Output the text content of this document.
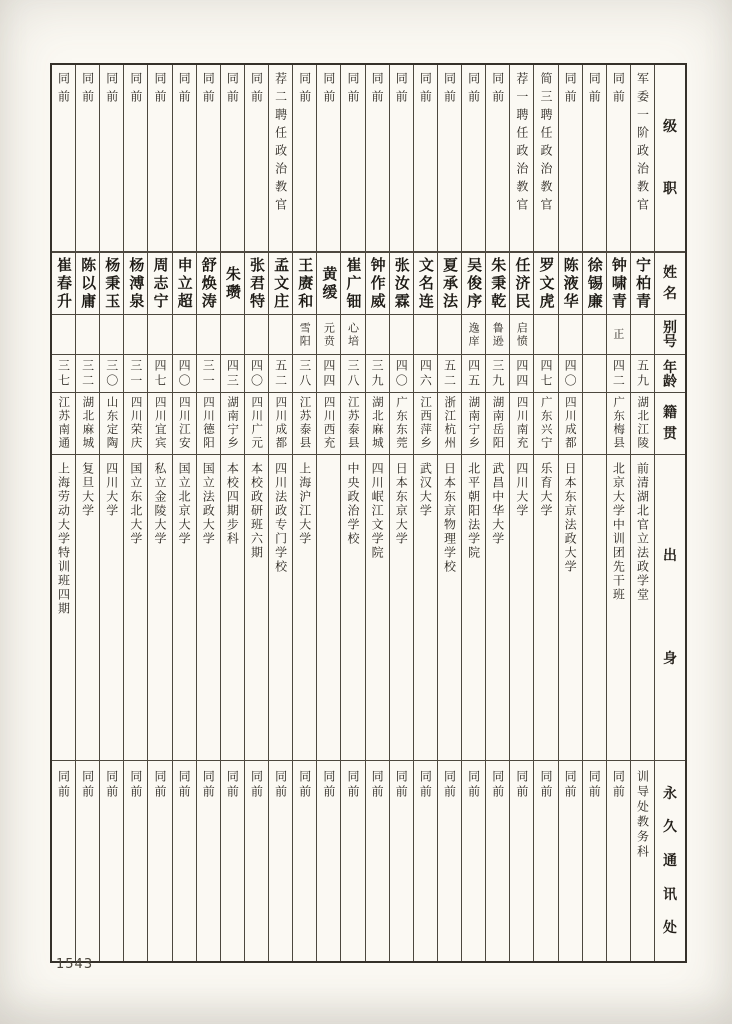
级
职
姓
名
别
号
年
龄
籍
贯
出
身
永
久
通
讯
处
军委一阶政治教官
宁柏青
五九
湖北江陵
前清湖北官立法政学堂
训导处教务科
同前
钟啸青
正
四二
广东梅县
北京大学中训团先干班
同前
同前
徐锡廉
同前
同前
陈液华
四〇
四川成都
日本东京法政大学
同前
简三聘任政治教官
罗文虎
四七
广东兴宁
乐育大学
同前
荐一聘任政治教官
任济民
启愤
四四
四川南充
四川大学
同前
同前
朱秉乾
鲁逊
三九
湖南岳阳
武昌中华大学
同前
同前
吴俊序
逸庠
四五
湖南宁乡
北平朝阳法学院
同前
同前
夏承法
五二
浙江杭州
日本东京物理学校
同前
同前
文名连
四六
江西萍乡
武汉大学
同前
同前
张汝霖
四〇
广东东莞
日本东京大学
同前
同前
钟作威
三九
湖北麻城
四川岷江文学院
同前
同前
崔广钿
心培
三八
江苏泰县
中央政治学校
同前
同前
黄缓
元贲
四四
四川西充
同前
同前
王赓和
雪阳
三八
江苏泰县
上海沪江大学
同前
荐二聘任政治教官
孟文庄
五二
四川成都
四川法政专门学校
同前
同前
张君特
四〇
四川广元
本校政研班六期
同前
同前
朱瓒
四三
湖南宁乡
本校四期步科
同前
同前
舒焕涛
三一
四川德阳
国立法政大学
同前
同前
申立超
四〇
四川江安
国立北京大学
同前
同前
周志宁
四七
四川宜宾
私立金陵大学
同前
同前
杨溥泉
三一
四川荣庆
国立东北大学
同前
同前
杨秉玉
三〇
山东定陶
四川大学
同前
同前
陈以庸
三二
湖北麻城
复旦大学
同前
同前
崔春升
三七
江苏南通
上海劳动大学特训班四期
同前
1543
